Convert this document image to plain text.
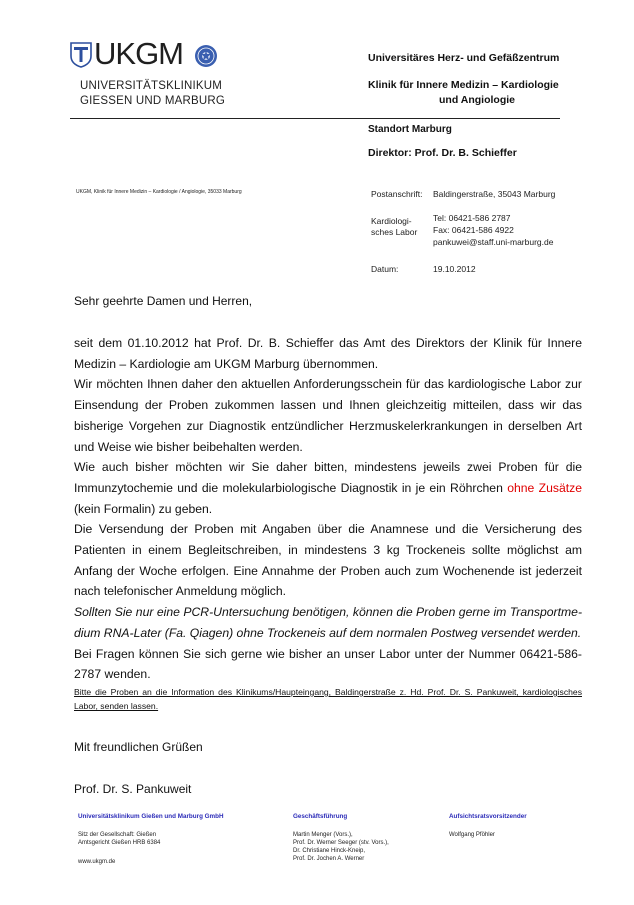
UKGM
UNIVERSITÄTSKLINIKUM
GIESSEN UND MARBURG
Universitäres Herz- und Gefäßzentrum
Klinik für Innere Medizin – Kardiologie
und Angiologie
Standort Marburg
Direktor: Prof. Dr. B. Schieffer
UKGM, Klinik für Innere Medizin – Kardiologie / Angiologie, 35033 Marburg	Postanschrift: Baldingerstraße, 35043 Marburg
Kardiologi-
sches Labor
Tel: 06421-586 2787
Fax: 06421-586 4922
pankuwei@staff.uni-marburg.de
Datum:	19.10.2012
Sehr geehrte Damen und Herren,

seit dem 01.10.2012 hat Prof. Dr. B. Schieffer das Amt des Direktors der Klinik für Innere Medizin – Kardiologie am UKGM Marburg übernommen.

Wir möchten Ihnen daher den aktuellen Anforderungsschein für das kardiologische Labor zur Einsendung der Proben zukommen lassen und Ihnen gleichzeitig mitteilen, dass wir das bisherige Vorgehen zur Diagnostik entzündlicher Herzmuskelerkrankungen in derselben Art und Weise wie bisher beibehalten werden.

Wie auch bisher möchten wir Sie daher bitten, mindestens jeweils zwei Proben für die Immunzytochemie und die molekularbiologische Diagnostik in je ein Röhrchen ohne Zusätze (kein Formalin) zu geben.

Die Versendung der Proben mit Angaben über die Anamnese und die Versicherung des Patienten in einem Begleitschreiben, in mindestens 3 kg Trockeneis sollte möglichst am Anfang der Woche erfolgen. Eine Annahme der Proben auch zum Wochenende ist jederzeit nach telefonischer Anmeldung möglich.

Sollten Sie nur eine PCR-Untersuchung benötigen, können die Proben gerne im Transportmedium RNA-Later (Fa. Qiagen) ohne Trockeneis auf dem normalen Postweg versendet werden.

Bei Fragen können Sie sich gerne wie bisher an unser Labor unter der Nummer 06421-586-2787 wenden.

Bitte die Proben an die Information des Klinikums/Haupteingang, Baldingerstraße z. Hd. Prof. Dr. S. Pankuweit, kardiologisches Labor, senden lassen.

Mit freundlichen Grüßen
Prof. Dr. S. Pankuweit
Universitätsklinikum Gießen und Marburg GmbH
Sitz der Gesellschaft: Gießen
Amtsgericht Gießen HRB 6384
www.ukgm.de
Geschäftsführung
Martin Menger (Vors.),
Prof. Dr. Werner Seeger (stv. Vors.),
Dr. Christiane Hinck-Kneip,
Prof. Dr. Jochen A. Werner
Aufsichtsratsvorsitzender
Wolfgang Pföhler
